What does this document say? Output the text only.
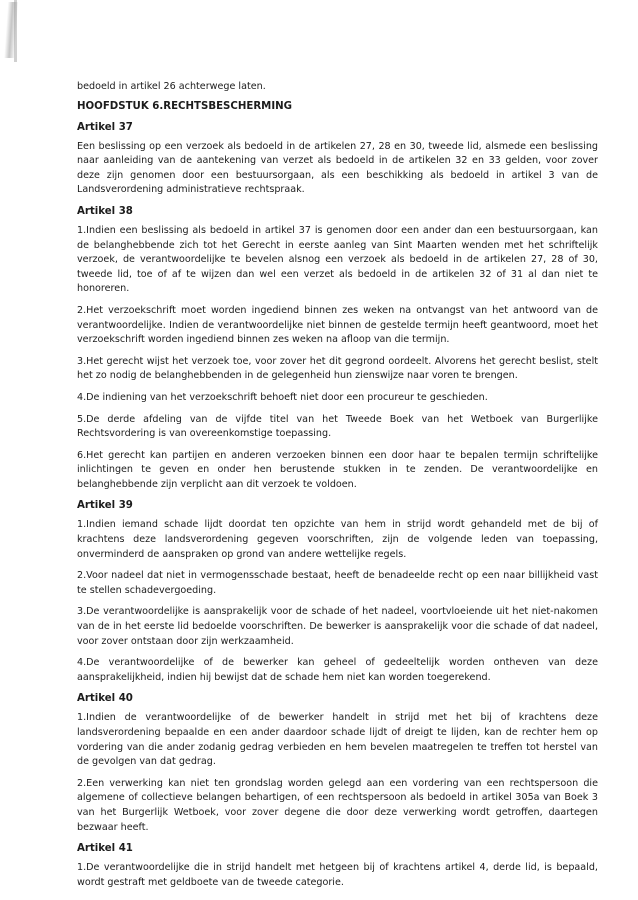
bedoeld in artikel 26 achterwege laten.

HOOFDSTUK 6.RECHTSBESCHERMING

Artikel 37

Een beslissing op een verzoek als bedoeld in de artikelen 27, 28 en 30, tweede lid, alsmede een beslissing naar aanleiding van de aantekening van verzet als bedoeld in de artikelen 32 en 33 gelden, voor zover deze zijn genomen door een bestuursorgaan, als een beschikking als bedoeld in artikel 3 van de Landsverordening administratieve rechtspraak.

Artikel 38

1.Indien een beslissing als bedoeld in artikel 37 is genomen door een ander dan een bestuursorgaan, kan de belanghebbende zich tot het Gerecht in eerste aanleg van Sint Maarten wenden met het schriftelijk verzoek, de verantwoordelijke te bevelen alsnog een verzoek als bedoeld in de artikelen 27, 28 of 30, tweede lid, toe of af te wijzen dan wel een verzet als bedoeld in de artikelen 32 of 31 al dan niet te honoreren.

2.Het verzoekschrift moet worden ingediend binnen zes weken na ontvangst van het antwoord van de verantwoordelijke. Indien de verantwoordelijke niet binnen de gestelde termijn heeft geantwoord, moet het verzoekschrift worden ingediend binnen zes weken na afloop van die termijn.

3.Het gerecht wijst het verzoek toe, voor zover het dit gegrond oordeelt. Alvorens het gerecht beslist, stelt het zo nodig de belanghebbenden in de gelegenheid hun zienswijze naar voren te brengen.

4.De indiening van het verzoekschrift behoeft niet door een procureur te geschieden.

5.De derde afdeling van de vijfde titel van het Tweede Boek van het Wetboek van Burgerlijke Rechtsvordering is van overeenkomstige toepassing.

6.Het gerecht kan partijen en anderen verzoeken binnen een door haar te bepalen termijn schriftelijke inlichtingen te geven en onder hen berustende stukken in te zenden. De verantwoordelijke en belanghebbende zijn verplicht aan dit verzoek te voldoen.

Artikel 39

1.Indien iemand schade lijdt doordat ten opzichte van hem in strijd wordt gehandeld met de bij of krachtens deze landsverordening gegeven voorschriften, zijn de volgende leden van toepassing, onverminderd de aanspraken op grond van andere wettelijke regels.

2.Voor nadeel dat niet in vermogensschade bestaat, heeft de benadeelde recht op een naar billijkheid vast te stellen schadevergoeding.

3.De verantwoordelijke is aansprakelijk voor de schade of het nadeel, voortvloeiende uit het niet-nakomen van de in het eerste lid bedoelde voorschriften. De bewerker is aansprakelijk voor die schade of dat nadeel, voor zover ontstaan door zijn werkzaamheid.

4.De verantwoordelijke of de bewerker kan geheel of gedeeltelijk worden ontheven van deze aansprakelijkheid, indien hij bewijst dat de schade hem niet kan worden toegerekend.

Artikel 40

1.Indien de verantwoordelijke of de bewerker handelt in strijd met het bij of krachtens deze landsverordening bepaalde en een ander daardoor schade lijdt of dreigt te lijden, kan de rechter hem op vordering van die ander zodanig gedrag verbieden en hem bevelen maatregelen te treffen tot herstel van de gevolgen van dat gedrag.

2.Een verwerking kan niet ten grondslag worden gelegd aan een vordering van een rechtspersoon die algemene of collectieve belangen behartigen, of een rechtspersoon als bedoeld in artikel 305a van Boek 3 van het Burgerlijk Wetboek, voor zover degene die door deze verwerking wordt getroffen, daartegen bezwaar heeft.

Artikel 41

1.De verantwoordelijke die in strijd handelt met hetgeen bij of krachtens artikel 4, derde lid, is bepaald, wordt gestraft met geldboete van de tweede categorie.
